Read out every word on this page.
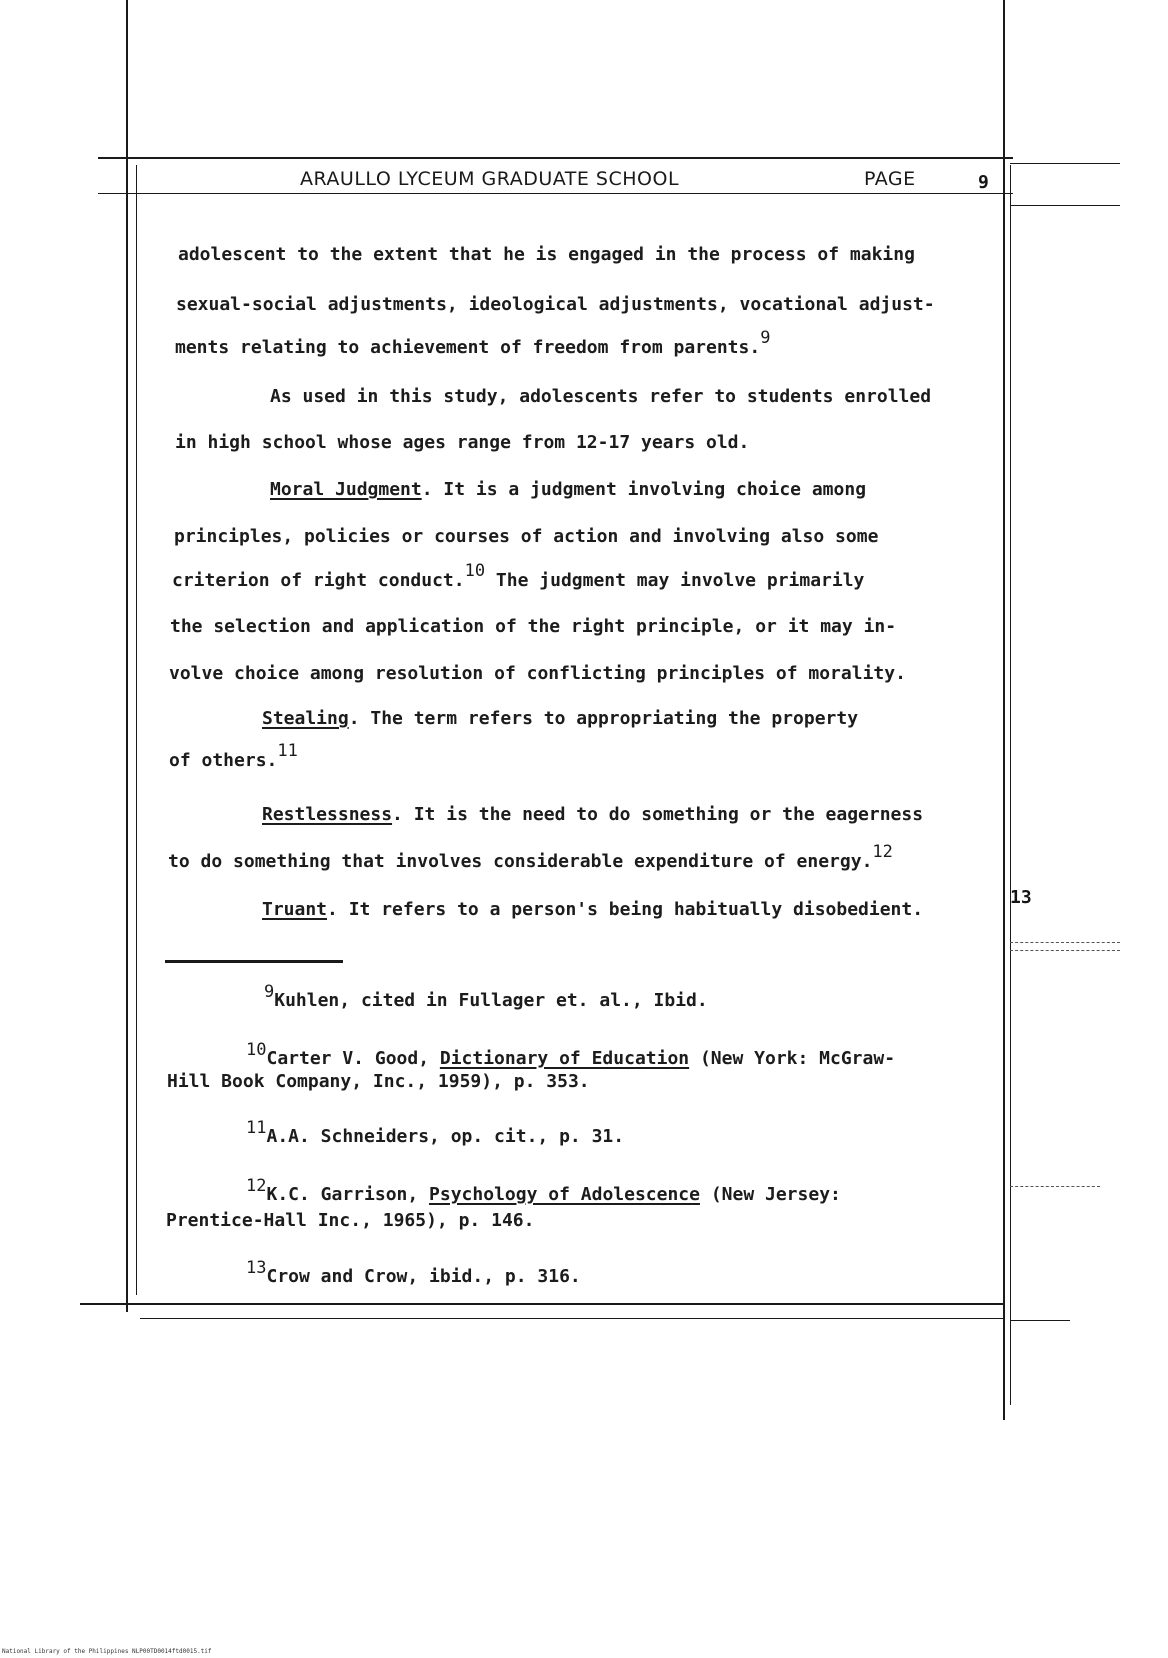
ARAULLO LYCEUM GRADUATE SCHOOL	PAGE	9
adolescent to the extent that he is engaged in the process of making
sexual-social adjustments, ideological adjustments, vocational adjust-
ments relating to achievement of freedom from parents.9
As used in this study, adolescents refer to students enrolled
in high school whose ages range from 12-17 years old.
Moral Judgment. It is a judgment involving choice among
principles, policies or courses of action and involving also some
criterion of right conduct.10 The judgment may involve primarily
the selection and application of the right principle, or it may in-
volve choice among resolution of conflicting principles of morality.
Stealing. The term refers to appropriating the property
of others.11
Restlessness. It is the need to do something or the eagerness
to do something that involves considerable expenditure of energy.12
Truant. It refers to a person's being habitually disobedient.
13
9Kuhlen, cited in Fullager et. al., Ibid.
10Carter V. Good, Dictionary of Education (New York: McGraw-
Hill Book Company, Inc., 1959), p. 353.
11A.A. Schneiders, op. cit., p. 31.
12K.C. Garrison, Psychology of Adolescence (New Jersey:
Prentice-Hall Inc., 1965), p. 146.
13Crow and Crow, ibid., p. 316.
National Library of the Philippines NLP00TD0014ftd0015.tif
